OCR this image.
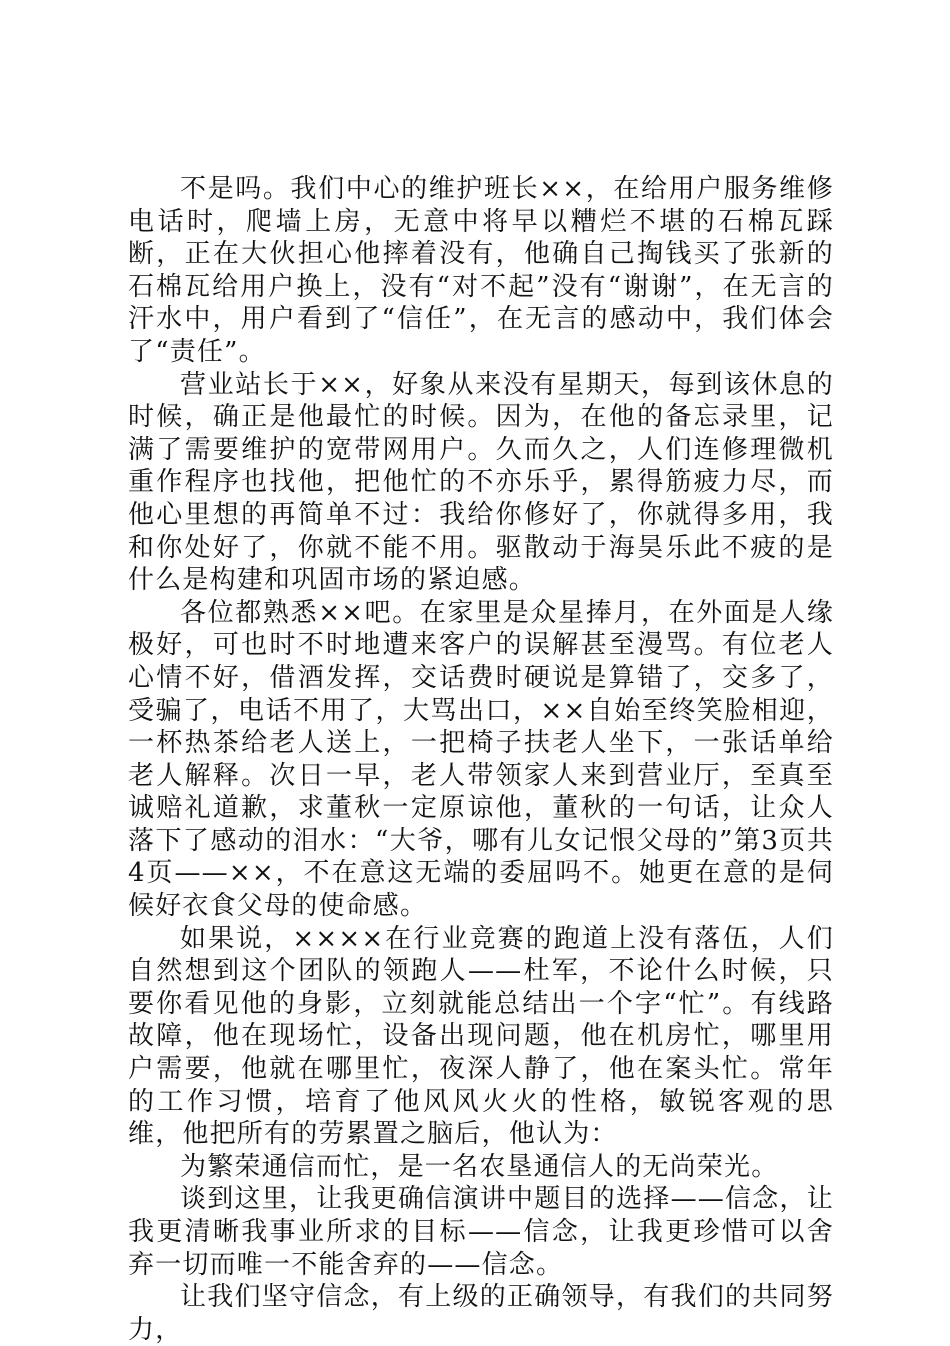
不是吗。我们中心的维护班长××，在给用户服务维修电话时，爬墙上房，无意中将早以糟烂不堪的石棉瓦踩断，正在大伙担心他摔着没有，他确自己掏钱买了张新的石棉瓦给用户换上，没有“对不起”没有“谢谢”，在无言的汗水中，用户看到了“信任”，在无言的感动中，我们体会了“责任”。

营业站长于××，好象从来没有星期天，每到该休息的时候，确正是他最忙的时候。因为，在他的备忘录里，记满了需要维护的宽带网用户。久而久之，人们连修理微机重作程序也找他，把他忙的不亦乐乎，累得筋疲力尽，而他心里想的再简单不过：我给你修好了，你就得多用，我和你处好了，你就不能不用。驱散动于海昊乐此不疲的是什么是构建和巩固市场的紧迫感。

各位都熟悉××吧。在家里是众星捧月，在外面是人缘极好，可也时不时地遭来客户的误解甚至漫骂。有位老人心情不好，借酒发挥，交话费时硬说是算错了，交多了，受骗了，电话不用了，大骂出口，××自始至终笑脸相迎，一杯热茶给老人送上，一把椅子扶老人坐下，一张话单给老人解释。次日一早，老人带领家人来到营业厅，至真至诚赔礼道歉，求董秋一定原谅他，董秋的一句话，让众人落下了感动的泪水：“大爷，哪有儿女记恨父母的”第3页共4页——××，不在意这无端的委屈吗不。她更在意的是伺候好衣食父母的使命感。

如果说，××××在行业竞赛的跑道上没有落伍，人们自然想到这个团队的领跑人——杜军，不论什么时候，只要你看见他的身影，立刻就能总结出一个字“忙”。有线路故障，他在现场忙，设备出现问题，他在机房忙，哪里用户需要，他就在哪里忙，夜深人静了，他在案头忙。常年的工作习惯，培育了他风风火火的性格，敏锐客观的思维，他把所有的劳累置之脑后，他认为：

为繁荣通信而忙，是一名农垦通信人的无尚荣光。

谈到这里，让我更确信演讲中题目的选择——信念，让我更清晰我事业所求的目标——信念，让我更珍惜可以舍弃一切而唯一不能舍弃的——信念。

让我们坚守信念，有上级的正确领导，有我们的共同努力，
